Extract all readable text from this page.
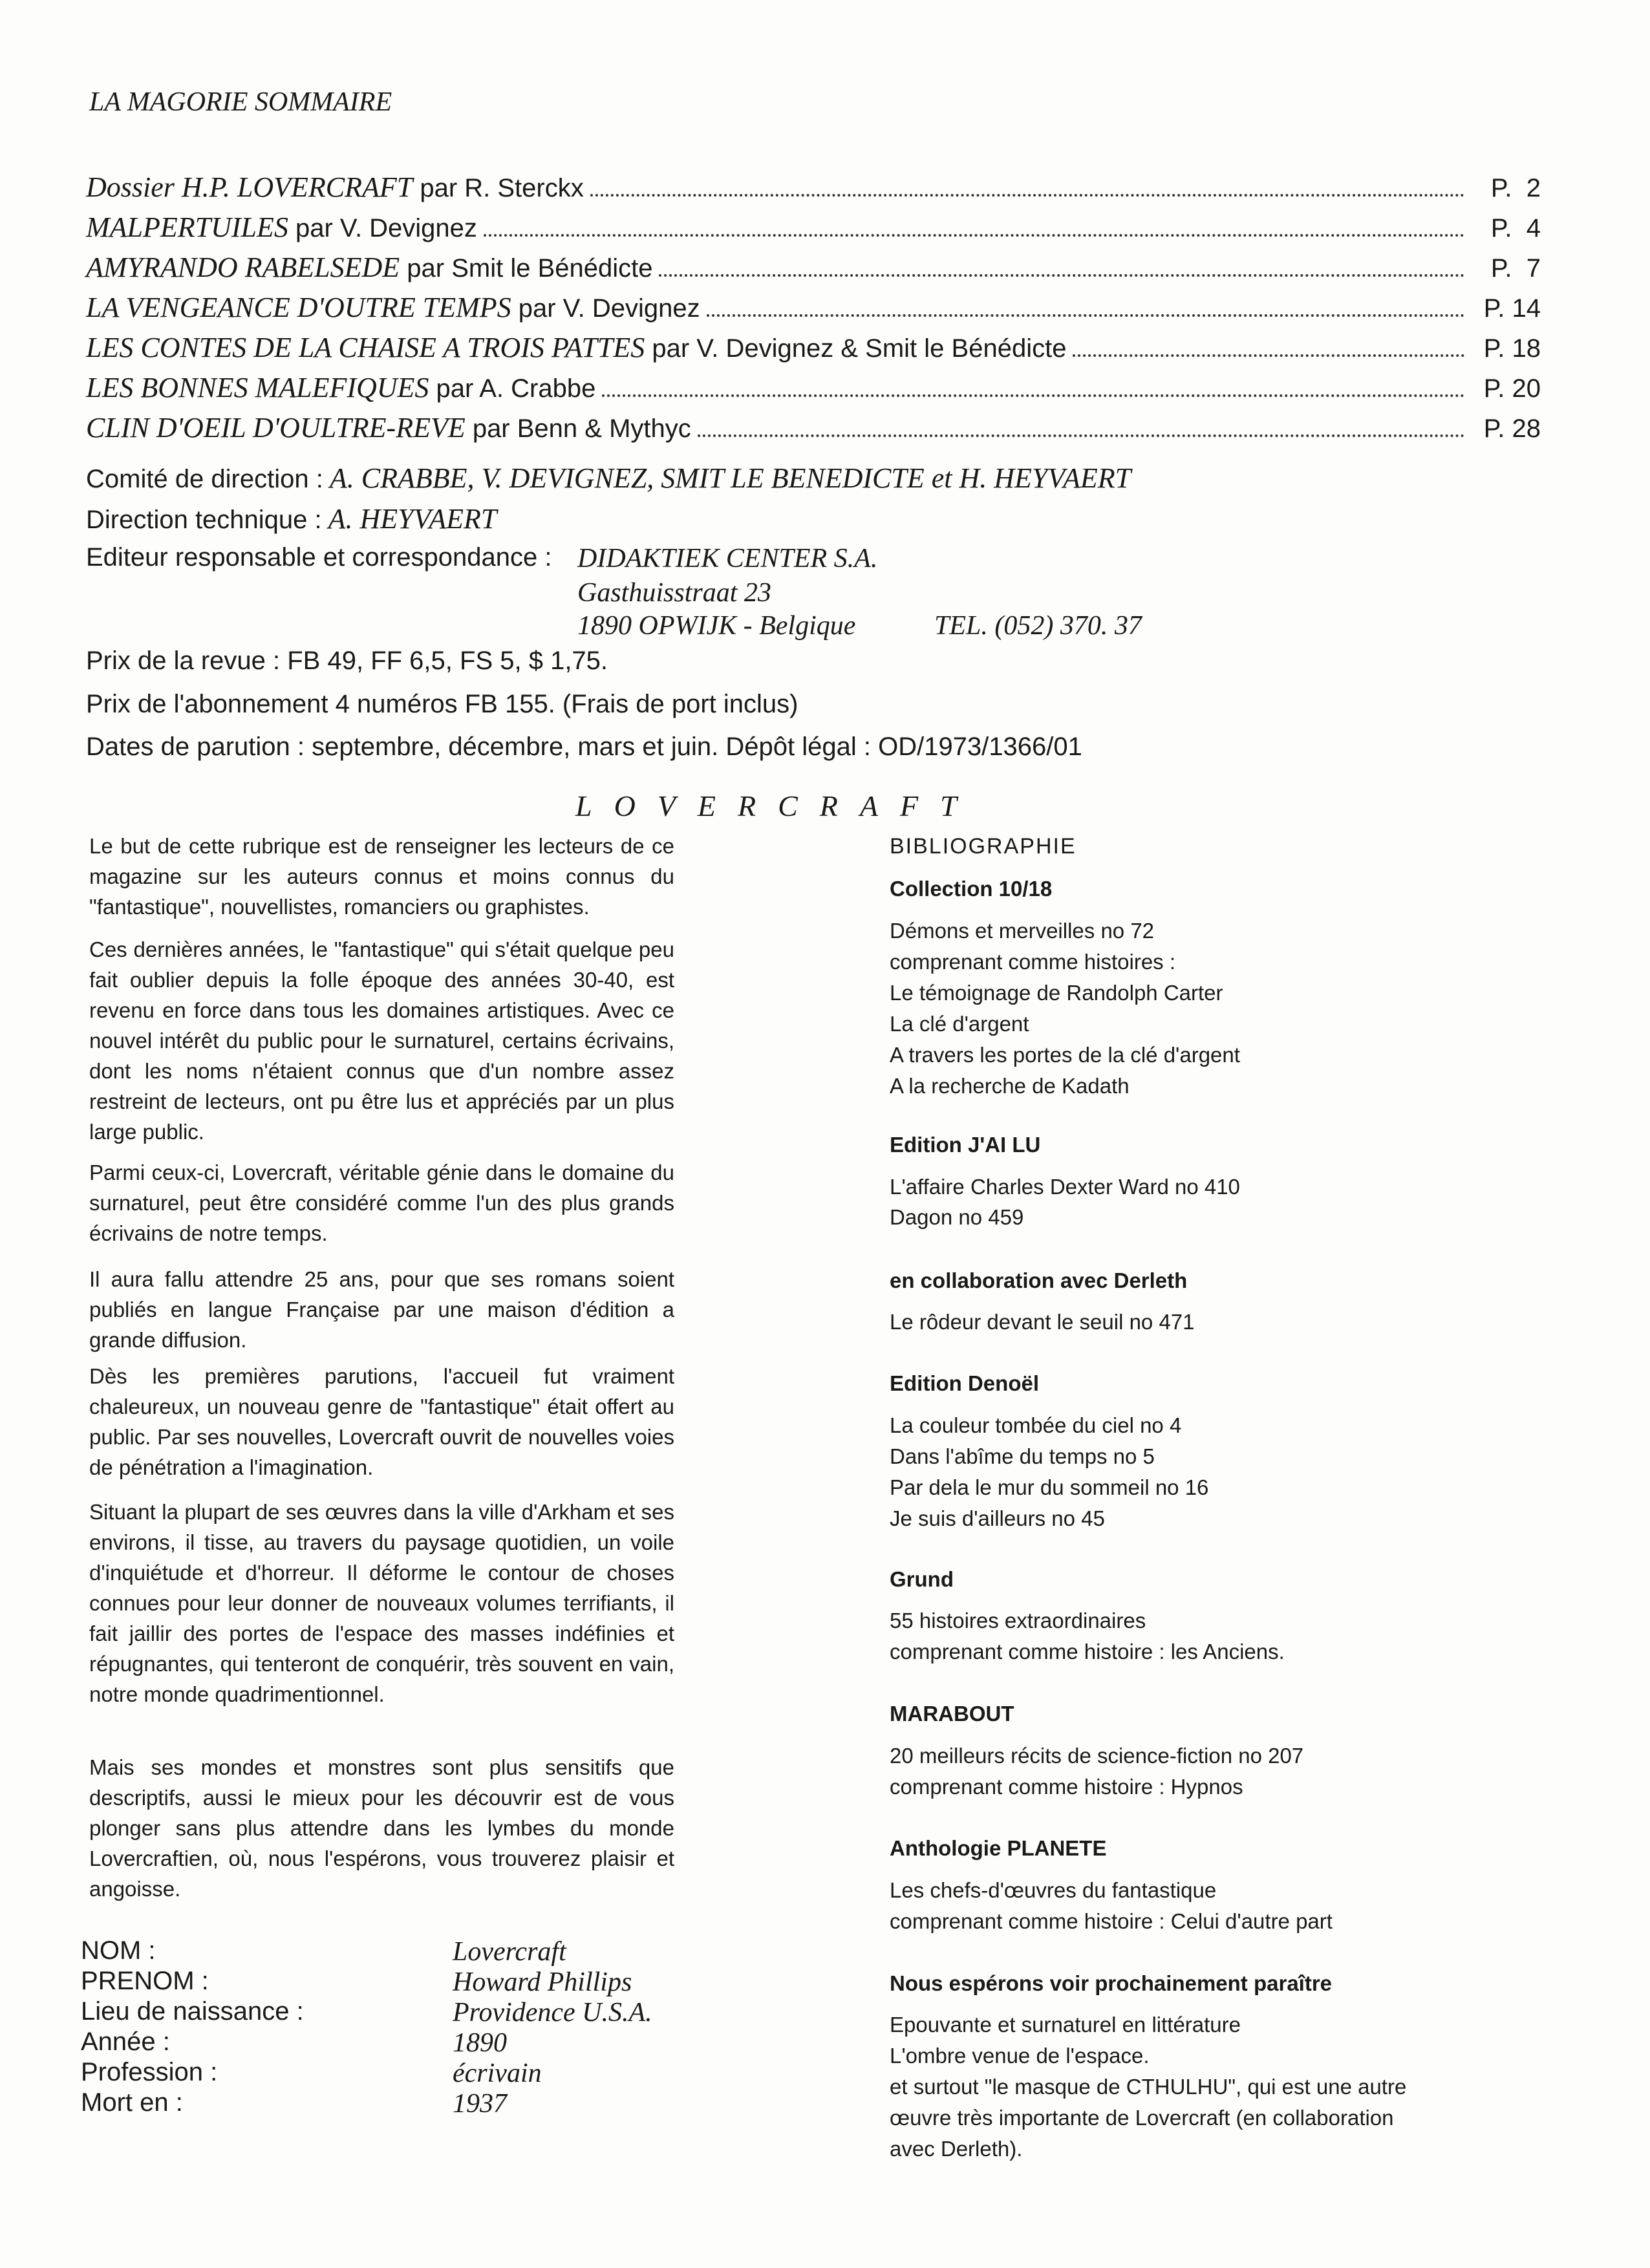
LA MAGORIE SOMMAIRE
Dossier H.P. LOVERCRAFT par R. Sterckx	P.  2
MALPERTUILES par V. Devignez	P.  4
AMYRANDO RABELSEDE par Smit le Bénédicte	P.  7
LA VENGEANCE D'OUTRE TEMPS par V. Devignez	P. 14
LES CONTES DE LA CHAISE A TROIS PATTES par V. Devignez & Smit le Bénédicte	P. 18
LES BONNES MALEFIQUES par A. Crabbe	P. 20
CLIN D'OEIL D'OULTRE-REVE par Benn & Mythyc	P. 28
Comité de direction : A. CRABBE, V. DEVIGNEZ, SMIT LE BENEDICTE et H. HEYVAERT
Direction technique : A. HEYVAERT
Editeur responsable et correspondance : DIDAKTIEK CENTER S.A.
Gasthuisstraat 23
1890 OPWIJK - Belgique	TEL. (052) 370. 37
Prix de la revue : FB 49, FF 6,5, FS 5, $ 1,75.
Prix de l'abonnement 4 numéros FB 155. (Frais de port inclus)
Dates de parution : septembre, décembre, mars et juin. Dépôt légal : OD/1973/1366/01
LOVERCRAFT
Le but de cette rubrique est de renseigner les lecteurs de ce magazine sur les auteurs connus et moins connus du "fantastique", nouvellistes, romanciers ou graphistes.
Ces dernières années, le "fantastique" qui s'était quelque peu fait oublier depuis la folle époque des années 30-40, est revenu en force dans tous les domaines artistiques. Avec ce nouvel intérêt du public pour le surnaturel, certains écrivains, dont les noms n'étaient connus que d'un nombre assez restreint de lecteurs, ont pu être lus et appréciés par un plus large public.
Parmi ceux-ci, Lovercraft, véritable génie dans le domaine du surnaturel, peut être considéré comme l'un des plus grands écrivains de notre temps.
Il aura fallu attendre 25 ans, pour que ses romans soient publiés en langue Française par une maison d'édition a grande diffusion.
Dès les premières parutions, l'accueil fut vraiment chaleureux, un nouveau genre de "fantastique" était offert au public. Par ses nouvelles, Lovercraft ouvrit de nouvelles voies de pénétration a l'imagination.
Situant la plupart de ses œuvres dans la ville d'Arkham et ses environs, il tisse, au travers du paysage quotidien, un voile d'inquiétude et d'horreur. Il déforme le contour de choses connues pour leur donner de nouveaux volumes terrifiants, il fait jaillir des portes de l'espace des masses indéfinies et répugnantes, qui tenteront de conquérir, très souvent en vain, notre monde quadrimentionnel.
Mais ses mondes et monstres sont plus sensitifs que descriptifs, aussi le mieux pour les découvrir est de vous plonger sans plus attendre dans les lymbes du monde Lovercraftien, où, nous l'espérons, vous trouverez plaisir et angoisse.
NOM :	Lovercraft
PRENOM :	Howard Phillips
Lieu de naissance :	Providence U.S.A.
Année :	1890
Profession :	écrivain
Mort en :	1937
BIBLIOGRAPHIE
Collection 10/18
Démons et merveilles no 72
comprenant comme histoires :
Le témoignage de Randolph Carter
La clé d'argent
A travers les portes de la clé d'argent
A la recherche de Kadath
Edition J'AI LU
L'affaire Charles Dexter Ward no 410
Dagon no 459
en collaboration avec Derleth
Le rôdeur devant le seuil no 471
Edition Denoël
La couleur tombée du ciel no 4
Dans l'abîme du temps no 5
Par dela le mur du sommeil no 16
Je suis d'ailleurs no 45
Grund
55 histoires extraordinaires
comprenant comme histoire : les Anciens.
MARABOUT
20 meilleurs récits de science-fiction no 207
comprenant comme histoire : Hypnos
Anthologie PLANETE
Les chefs-d'œuvres du fantastique
comprenant comme histoire : Celui d'autre part
Nous espérons voir prochainement paraître
Epouvante et surnaturel en littérature
L'ombre venue de l'espace.
et surtout "le masque de CTHULHU", qui est une autre
œuvre très importante de Lovercraft (en collaboration
avec Derleth).
